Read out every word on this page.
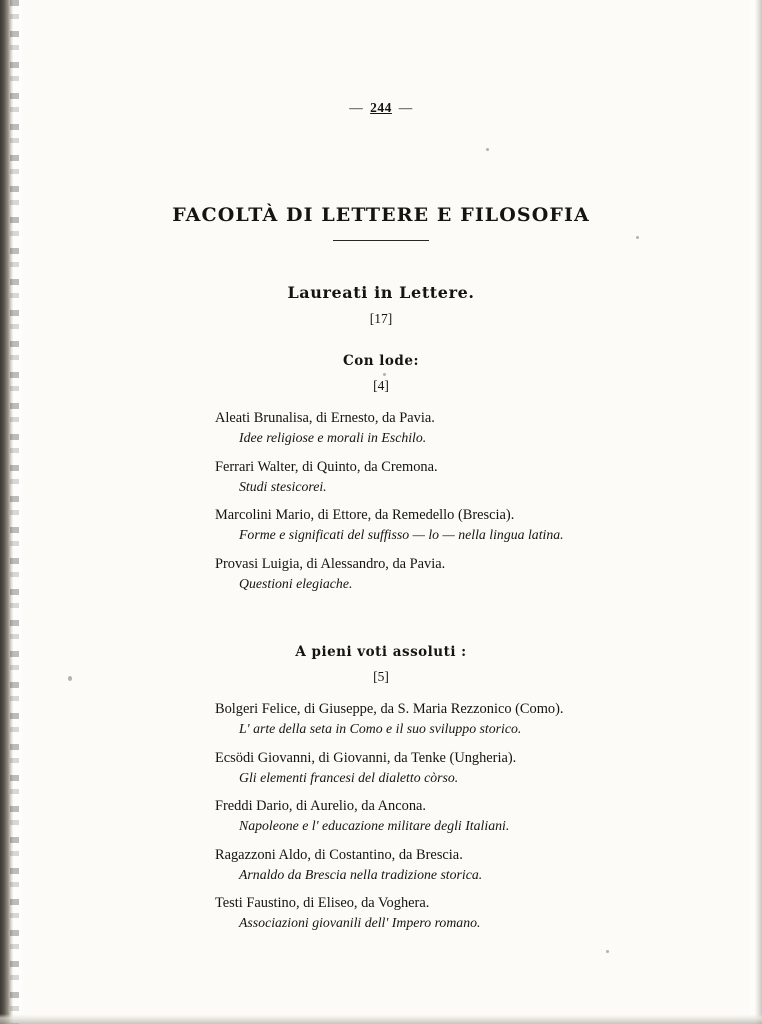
— 244 —
FACOLTÀ DI LETTERE E FILOSOFIA
Laureati in Lettere.
[17]
Con lode:
[4]
Aleati Brunalisa, di Ernesto, da Pavia.
Idee religiose e morali in Eschilo.
Ferrari Walter, di Quinto, da Cremona.
Studi stesicorei.
Marcolini Mario, di Ettore, da Remedello (Brescia).
Forme e significati del suffisso — lo — nella lingua latina.
Provasi Luigia, di Alessandro, da Pavia.
Questioni elegiache.
A pieni voti assoluti :
[5]
Bolgeri Felice, di Giuseppe, da S. Maria Rezzonico (Como).
L' arte della seta in Como e il suo sviluppo storico.
Ecsödi Giovanni, di Giovanni, da Tenke (Ungheria).
Gli elementi francesi del dialetto còrso.
Freddi Dario, di Aurelio, da Ancona.
Napoleone e l' educazione militare degli Italiani.
Ragazzoni Aldo, di Costantino, da Brescia.
Arnaldo da Brescia nella tradizione storica.
Testi Faustino, di Eliseo, da Voghera.
Associazioni giovanili dell' Impero romano.
